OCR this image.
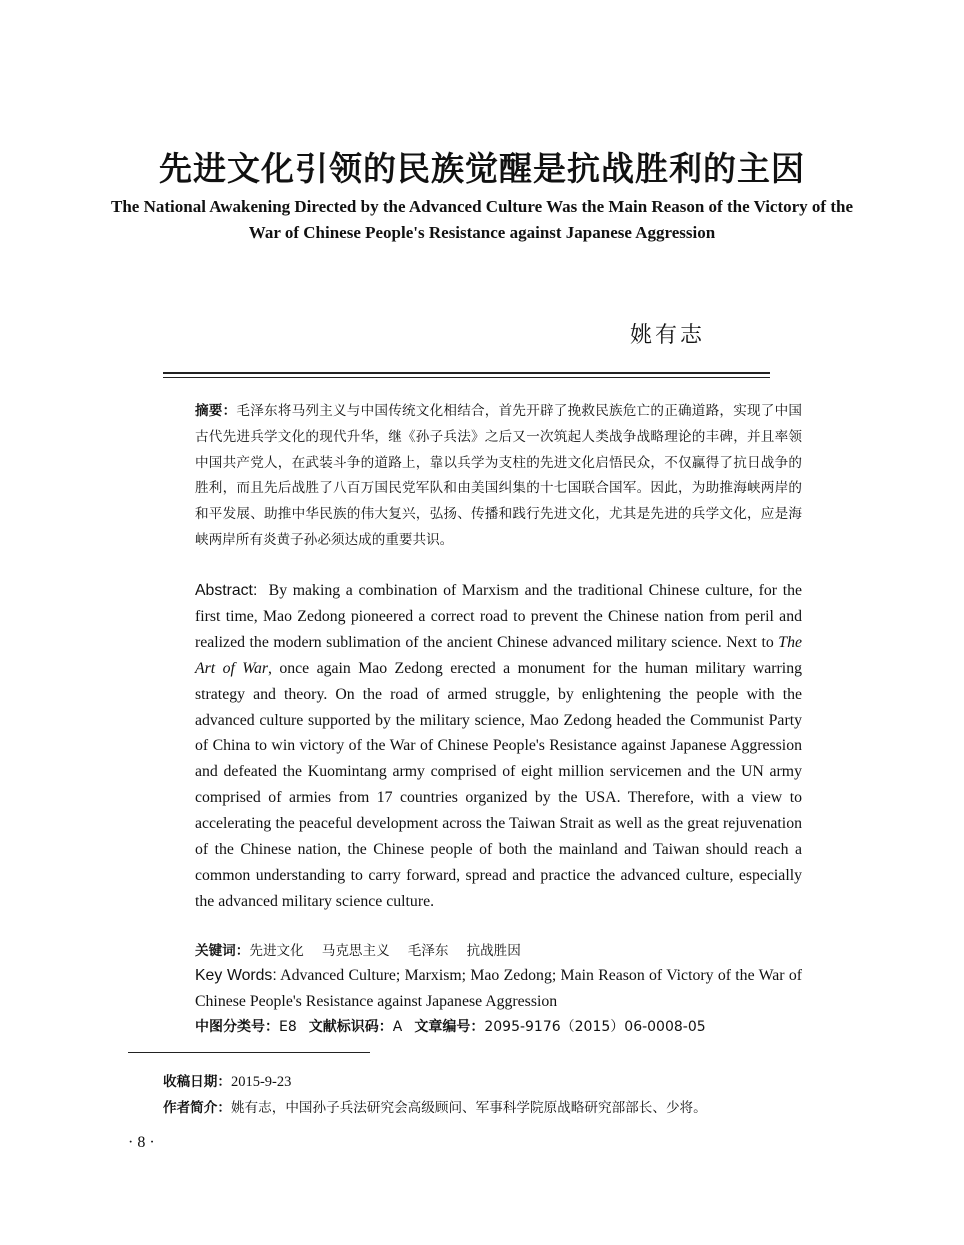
先进文化引领的民族觉醒是抗战胜利的主因

The National Awakening Directed by the Advanced Culture Was the Main Reason of the Victory of the War of Chinese People's Resistance against Japanese Aggression

姚有志

摘要：毛泽东将马列主义与中国传统文化相结合，首先开辟了挽救民族危亡的正确道路，实现了中国古代先进兵学文化的现代升华，继《孙子兵法》之后又一次筑起人类战争战略理论的丰碑，并且率领中国共产党人，在武装斗争的道路上，靠以兵学为支柱的先进文化启悟民众，不仅赢得了抗日战争的胜利，而且先后战胜了八百万国民党军队和由美国纠集的十七国联合国军。因此，为助推海峡两岸的和平发展、助推中华民族的伟大复兴，弘扬、传播和践行先进文化，尤其是先进的兵学文化，应是海峡两岸所有炎黄子孙必须达成的重要共识。

Abstract: By making a combination of Marxism and the traditional Chinese culture, for the first time, Mao Zedong pioneered a correct road to prevent the Chinese nation from peril and realized the modern sublimation of the ancient Chinese advanced military science. Next to The Art of War, once again Mao Zedong erected a monument for the human military warring strategy and theory. On the road of armed struggle, by enlightening the people with the advanced culture supported by the military science, Mao Zedong headed the Communist Party of China to win victory of the War of Chinese People's Resistance against Japanese Aggression and defeated the Kuomintang army comprised of eight million servicemen and the UN army comprised of armies from 17 countries organized by the USA. Therefore, with a view to accelerating the peaceful development across the Taiwan Strait as well as the great rejuvenation of the Chinese nation, the Chinese people of both the mainland and Taiwan should reach a common understanding to carry forward, spread and practice the advanced culture, especially the advanced military science culture.

关键词：先进文化 马克思主义 毛泽东 抗战胜因

Key Words: Advanced Culture; Marxism; Mao Zedong; Main Reason of Victory of the War of Chinese People's Resistance against Japanese Aggression

中图分类号：E8 文献标识码：A 文章编号：2095-9176（2015）06-0008-05
收稿日期：2015-9-23
作者简介：姚有志，中国孙子兵法研究会高级顾问、军事科学院原战略研究部部长、少将。
· 8 ·
